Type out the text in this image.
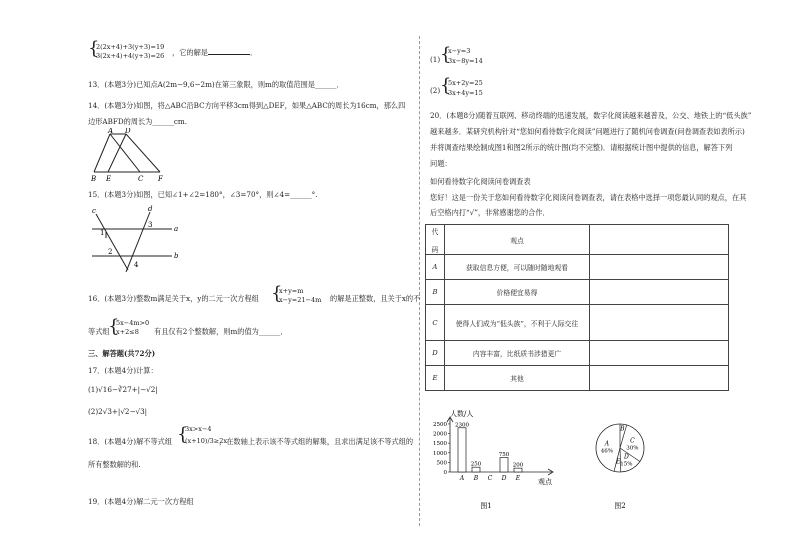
{
2(2x+4)+3(y+3)=19
3(2x+4)+4(y+3)=26 ，它的解是	．
13．(本题3分)已知点A(2m−9,6−2m)在第三象限，则m的取值范围是______．
14．(本题3分)如图，将△ABC沿BC方向平移3cm得到△DEF，如果△ABC的周长为16cm，那么四
边形ABFD的周长为______cm.
A D
B E	C F
15．(本题3分)如图，已知∠1+∠2=180°，∠3=70°，则∠4=______°.
c	d
a
b
1
2
3
4
16．(本题3分)整数m满足关于x，y的二元一次方程组 {
x+y=m
x−y=21−4m 的解是正整数，且关于x的不
等式组
{
5x−4m>0
x+2≤8 有且仅有2个整数解，则m的值为______．
三、解答题(共72分)
17．(本题4分)计算：
(1)√16−∛27+|−√2|
(2)2√3+|√2−√3|
18．(本题4分)解不等式组 {
3x>x−4
(x+10)/3≥2x
，在数轴上表示该不等式组的解集，且求出满足该不等式组的
所有整数解的和.
19．(本题4分)解二元一次方程组
(1) {
x−y=3
3x−8y=14
(2) {
5x+2y=25
3x+4y=15
20．(本题8分)随着互联网、移动终端的迅速发展，数字化阅读越来越普及，公交、地铁上的“低头族”
越来越多．某研究机构针对“您如何看待数字化阅读”问题进行了随机问卷调查(问卷调查表如表所示)
并将调查结果绘制成图1和图2所示的统计图(均不完整)．请根据统计图中提供的信息，解答下列
问题：
如何看待数字化阅读问卷调查表
您好！这是一份关于您如何看待数字化阅读问卷调查表，请在表格中选择一项您最认同的观点，在其
后空格内打“√”，非常感谢您的合作．
代

码	观点	
A	获取信息方便，可以随时随地观看	
B	价格便宜易得	
C	使得人们成为“低头族”，不利于人际交往	
D	内容丰富，比纸质书涉猎更广	
E	其他	
人数/人
观点
图1
0
500
1000
1500
2000
2500 2300
A
250
B C
750
D
200
E
A
46%
B
C
30%
D
15%
E
图2
